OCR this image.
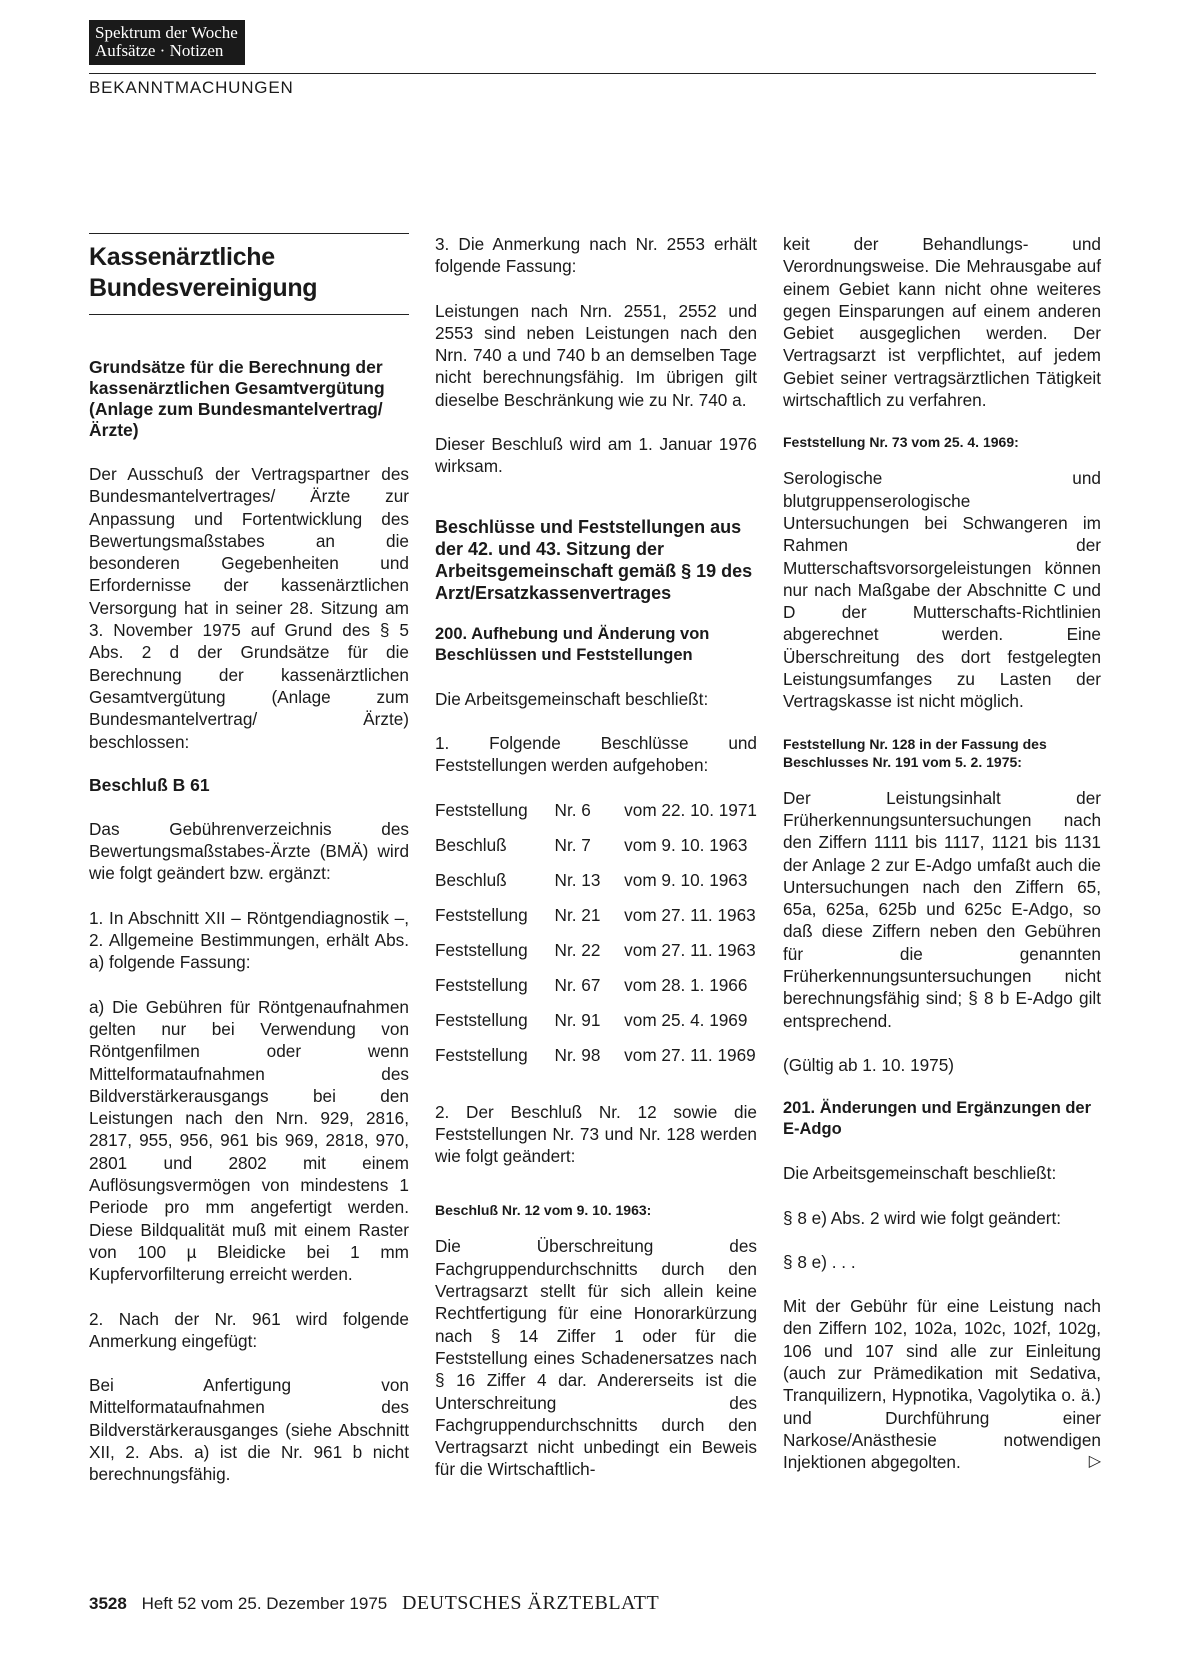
Spektrum der Woche
Aufsätze · Notizen
BEKANNTMACHUNGEN
Kassenärztliche
Bundesvereinigung
Grundsätze für die Berechnung der kassenärztlichen Gesamtvergütung (Anlage zum Bundesmantelvertrag/Ärzte)

Der Ausschuß der Vertragspartner des Bundesmantelvertrages/ Ärzte zur Anpassung und Fortentwicklung des Bewertungsmaßstabes an die besonderen Gegebenheiten und Erfordernisse der kassenärztlichen Versorgung hat in seiner 28. Sitzung am 3. November 1975 auf Grund des § 5 Abs. 2 d der Grundsätze für die Berechnung der kassenärztlichen Gesamtvergütung (Anlage zum Bundesmantelvertrag/ Ärzte) beschlossen:

Beschluß B 61

Das Gebührenverzeichnis des Bewertungsmaßstabes-Ärzte (BMÄ) wird wie folgt geändert bzw. ergänzt:

1. In Abschnitt XII – Röntgendiagnostik –, 2. Allgemeine Bestimmungen, erhält Abs. a) folgende Fassung:

a) Die Gebühren für Röntgenaufnahmen gelten nur bei Verwendung von Röntgenfilmen oder wenn Mittelformataufnahmen des Bildverstärkerausgangs bei den Leistungen nach den Nrn. 929, 2816, 2817, 955, 956, 961 bis 969, 2818, 970, 2801 und 2802 mit einem Auflösungsvermögen von mindestens 1 Periode pro mm angefertigt werden. Diese Bildqualität muß mit einem Raster von 100 µ Bleidicke bei 1 mm Kupfervorfilterung erreicht werden.

2. Nach der Nr. 961 wird folgende Anmerkung eingefügt:

Bei Anfertigung von Mittelformataufnahmen des Bildverstärkerausganges (siehe Abschnitt XII, 2. Abs. a) ist die Nr. 961 b nicht berechnungsfähig.

3. Die Anmerkung nach Nr. 2553 erhält folgende Fassung:

Leistungen nach Nrn. 2551, 2552 und 2553 sind neben Leistungen nach den Nrn. 740 a und 740 b an demselben Tage nicht berechnungsfähig. Im übrigen gilt dieselbe Beschränkung wie zu Nr. 740 a.

Dieser Beschluß wird am 1. Januar 1976 wirksam.

Beschlüsse und Feststellungen aus der 42. und 43. Sitzung der Arbeitsgemeinschaft gemäß § 19 des Arzt/Ersatzkassenvertrages
200. Aufhebung und Änderung von Beschlüssen und Feststellungen

Die Arbeitsgemeinschaft beschließt:

1. Folgende Beschlüsse und Feststellungen werden aufgehoben:

Feststellung	Nr. 6	vom 22. 10. 1971
Beschluß	Nr. 7	vom 9. 10. 1963
Beschluß	Nr. 13	vom 9. 10. 1963
Feststellung	Nr. 21	vom 27. 11. 1963
Feststellung	Nr. 22	vom 27. 11. 1963
Feststellung	Nr. 67	vom 28. 1. 1966
Feststellung	Nr. 91	vom 25. 4. 1969
Feststellung	Nr. 98	vom 27. 11. 1969

2. Der Beschluß Nr. 12 sowie die Feststellungen Nr. 73 und Nr. 128 werden wie folgt geändert:

Beschluß Nr. 12 vom 9. 10. 1963:

Die Überschreitung des Fachgruppendurchschnitts durch den Vertragsarzt stellt für sich allein keine Rechtfertigung für eine Honorarkürzung nach § 14 Ziffer 1 oder für die Feststellung eines Schadenersatzes nach § 16 Ziffer 4 dar. Andererseits ist die Unterschreitung des Fachgruppendurchschnitts durch den Vertragsarzt nicht unbedingt ein Beweis für die Wirtschaftlich-

keit der Behandlungs- und Verordnungsweise. Die Mehrausgabe auf einem Gebiet kann nicht ohne weiteres gegen Einsparungen auf einem anderen Gebiet ausgeglichen werden. Der Vertragsarzt ist verpflichtet, auf jedem Gebiet seiner vertragsärztlichen Tätigkeit wirtschaftlich zu verfahren.

Feststellung Nr. 73 vom 25. 4. 1969:

Serologische und blutgruppenserologische Untersuchungen bei Schwangeren im Rahmen der Mutterschaftsvorsorgeleistungen können nur nach Maßgabe der Abschnitte C und D der Mutterschafts-Richtlinien abgerechnet werden. Eine Überschreitung des dort festgelegten Leistungsumfanges zu Lasten der Vertragskasse ist nicht möglich.

Feststellung Nr. 128 in der Fassung des Beschlusses Nr. 191 vom 5. 2. 1975:

Der Leistungsinhalt der Früherkennungsuntersuchungen nach den Ziffern 1111 bis 1117, 1121 bis 1131 der Anlage 2 zur E-Adgo umfaßt auch die Untersuchungen nach den Ziffern 65, 65a, 625a, 625b und 625c E-Adgo, so daß diese Ziffern neben den Gebühren für die genannten Früherkennungsuntersuchungen nicht berechnungsfähig sind; § 8 b E-Adgo gilt entsprechend.

(Gültig ab 1. 10. 1975)

201. Änderungen und Ergänzungen der E-Adgo

Die Arbeitsgemeinschaft beschließt:

§ 8 e) Abs. 2 wird wie folgt geändert:

§ 8 e) . . .

Mit der Gebühr für eine Leistung nach den Ziffern 102, 102a, 102c, 102f, 102g, 106 und 107 sind alle zur Einleitung (auch zur Prämedikation mit Sedativa, Tranquilizern, Hypnotika, Vagolytika o. ä.) und Durchführung einer Narkose/Anästhesie notwendigen Injektionen abgegolten.	▷

3528 Heft 52 vom 25. Dezember 1975 DEUTSCHES ÄRZTEBLATT
